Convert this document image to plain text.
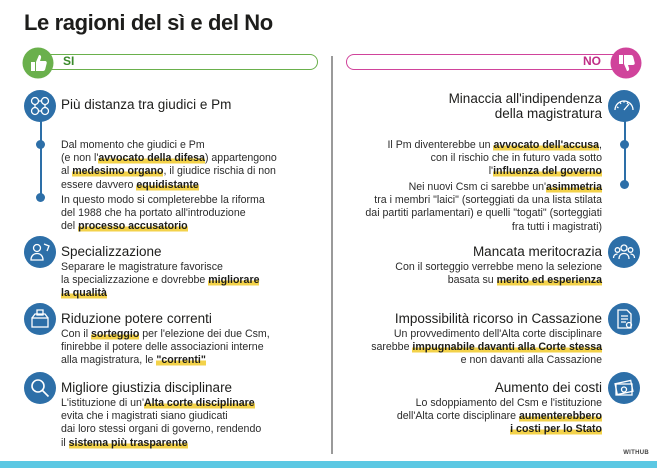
Le ragioni del sì e del No
SI	NO
Più distanza tra giudici e Pm
Dal momento che giudici e Pm
(e non l'avvocato della difesa) appartengono
al medesimo organo, il giudice rischia di non
essere davvero equidistante
In questo modo si completerebbe la riforma
del 1988 che ha portato all'introduzione
del processo accusatorio
Specializzazione
Separare le magistrature favorisce
la specializzazione e dovrebbe migliorare
la qualità
Riduzione potere correnti
Con il sorteggio per l'elezione dei due Csm,
finirebbe il potere delle associazioni interne
alla magistratura, le "correnti"
Migliore giustizia disciplinare
L'istituzione di un'Alta corte disciplinare
evita che i magistrati siano giudicati
dai loro stessi organi di governo, rendendo
il sistema più trasparente
Minaccia all'indipendenza
della magistratura
Il Pm diventerebbe un avvocato dell'accusa,
con il rischio che in futuro vada sotto
l'influenza del governo
Nei nuovi Csm ci sarebbe un'asimmetria
tra i membri "laici" (sorteggiati da una lista stilata
dai partiti parlamentari) e quelli "togati" (sorteggiati
fra tutti i magistrati)
Mancata meritocrazia
Con il sorteggio verrebbe meno la selezione
basata su merito ed esperienza
Impossibilità ricorso in Cassazione
Un provvedimento dell'Alta corte disciplinare
sarebbe impugnabile davanti alla Corte stessa
e non davanti alla Cassazione
Aumento dei costi
Lo sdoppiamento del Csm e l'istituzione
dell'Alta corte disciplinare aumenterebbero
i costi per lo Stato
WITHUB
